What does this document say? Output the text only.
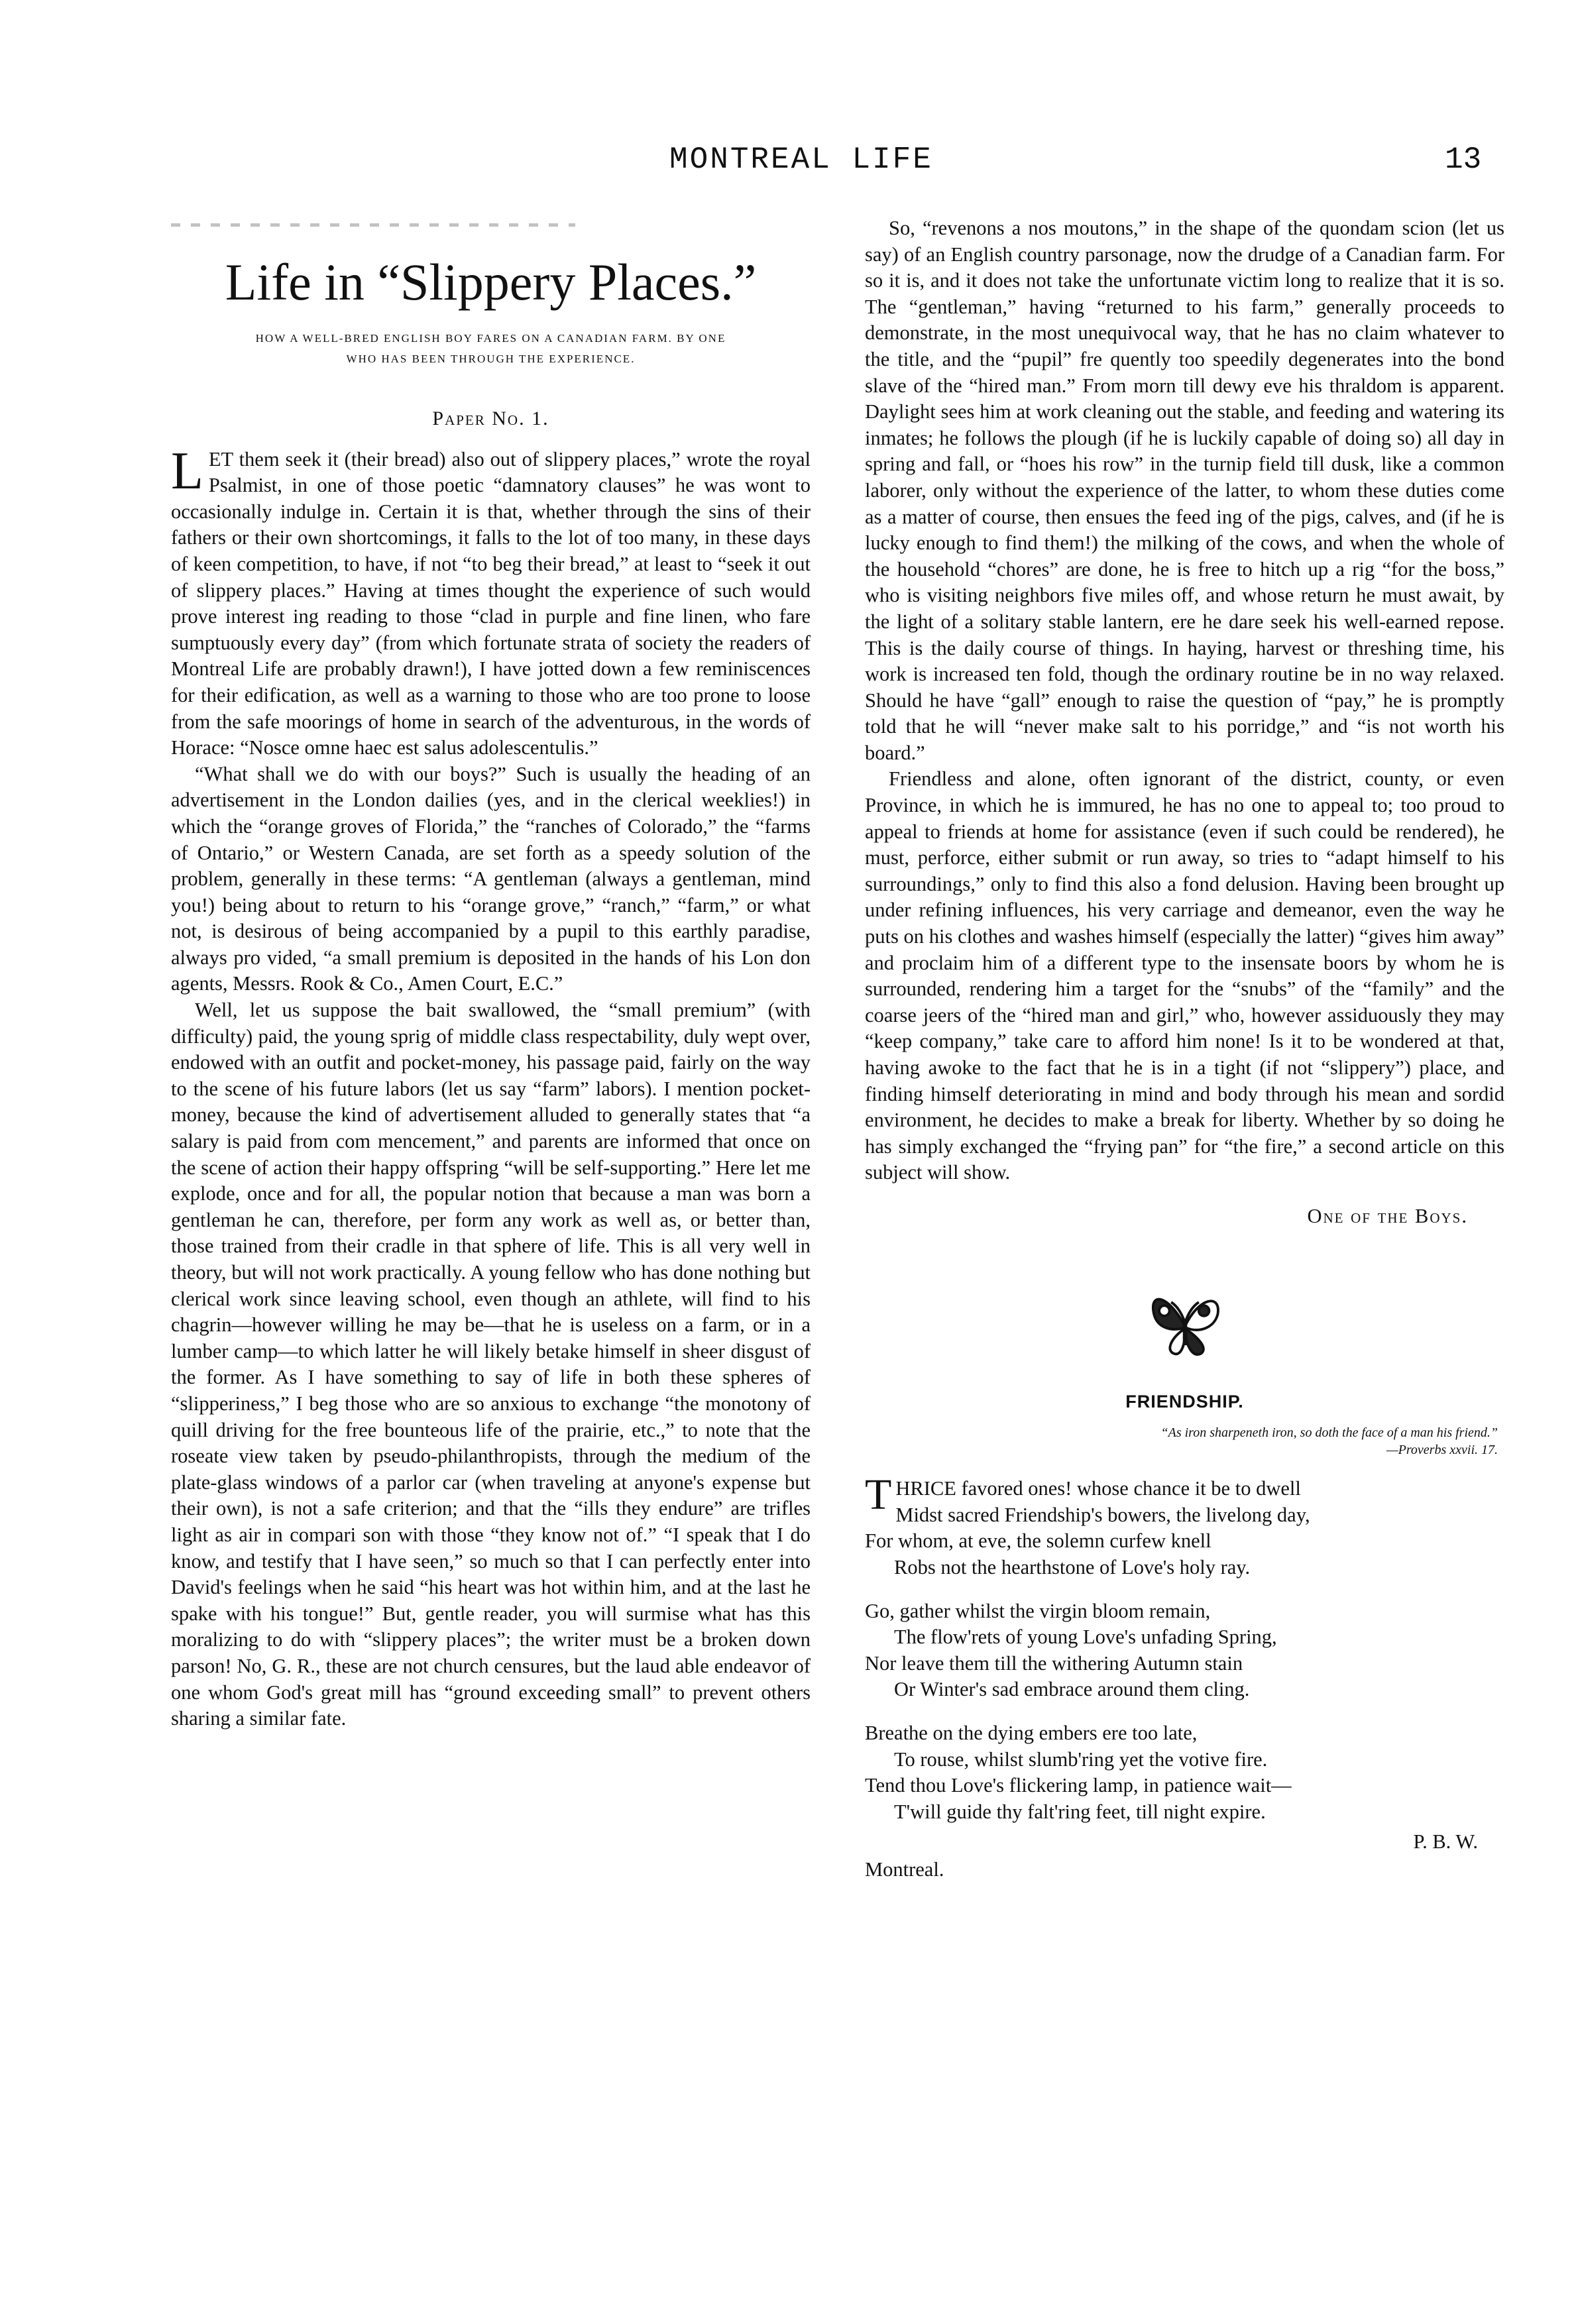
MONTREAL LIFE	13
Life in “Slippery Places.”
HOW A WELL-BRED ENGLISH BOY FARES ON A CANADIAN FARM. BY ONE WHO HAS BEEN THROUGH THE EXPERIENCE.
Paper No. 1.

LET them seek it (their bread) also out of slippery places,” wrote the royal Psalmist, in one of those poetic “damnatory clauses” he was wont to occasionally indulge in. Certain it is that, whether through the sins of their fathers or their own shortcomings, it falls to the lot of too many, in these days of keen competition, to have, if not “to beg their bread,” at least to “seek it out of slippery places.” Having at times thought the experience of such would prove interest ing reading to those “clad in purple and fine linen, who fare sumptuously every day” (from which fortunate strata of society the readers of Montreal Life are probably drawn!), I have jotted down a few reminiscences for their edification, as well as a warning to those who are too prone to loose from the safe moorings of home in search of the adventurous, in the words of Horace: “Nosce omne haec est salus adolescentulis.”

“What shall we do with our boys?” Such is usually the heading of an advertisement in the London dailies (yes, and in the clerical weeklies!) in which the “orange groves of Florida,” the “ranches of Colorado,” the “farms of Ontario,” or Western Canada, are set forth as a speedy solution of the problem, generally in these terms: “A gentleman (always a gentleman, mind you!) being about to return to his “orange grove,” “ranch,” “farm,” or what not, is desirous of being accompanied by a pupil to this earthly paradise, always pro vided, “a small premium is deposited in the hands of his Lon don agents, Messrs. Rook & Co., Amen Court, E.C.”

Well, let us suppose the bait swallowed, the “small premium” (with difficulty) paid, the young sprig of middle class respectability, duly wept over, endowed with an outfit and pocket-money, his passage paid, fairly on the way to the scene of his future labors (let us say “farm” labors). I mention pocket-money, because the kind of advertisement alluded to generally states that “a salary is paid from com mencement,” and parents are informed that once on the scene of action their happy offspring “will be self-supporting.” Here let me explode, once and for all, the popular notion that because a man was born a gentleman he can, therefore, per form any work as well as, or better than, those trained from their cradle in that sphere of life. This is all very well in theory, but will not work practically. A young fellow who has done nothing but clerical work since leaving school, even though an athlete, will find to his chagrin—however willing he may be—that he is useless on a farm, or in a lumber camp—to which latter he will likely betake himself in sheer disgust of the former. As I have something to say of life in both these spheres of “slipperiness,” I beg those who are so anxious to exchange “the monotony of quill driving for the free bounteous life of the prairie, etc.,” to note that the roseate view taken by pseudo-philanthropists, through the medium of the plate-glass windows of a parlor car (when traveling at anyone's expense but their own), is not a safe criterion; and that the “ills they endure” are trifles light as air in compari son with those “they know not of.” “I speak that I do know, and testify that I have seen,” so much so that I can perfectly enter into David's feelings when he said “his heart was hot within him, and at the last he spake with his tongue!” But, gentle reader, you will surmise what has this moralizing to do with “slippery places”; the writer must be a broken down parson! No, G. R., these are not church censures, but the laud able endeavor of one whom God's great mill has “ground exceeding small” to prevent others sharing a similar fate.

So, “revenons a nos moutons,” in the shape of the quondam scion (let us say) of an English country parsonage, now the drudge of a Canadian farm. For so it is, and it does not take the unfortunate victim long to realize that it is so. The “gentleman,” having “returned to his farm,” generally proceeds to demonstrate, in the most unequivocal way, that he has no claim whatever to the title, and the “pupil” fre quently too speedily degenerates into the bond slave of the “hired man.” From morn till dewy eve his thraldom is apparent. Daylight sees him at work cleaning out the stable, and feeding and watering its inmates; he follows the plough (if he is luckily capable of doing so) all day in spring and fall, or “hoes his row” in the turnip field till dusk, like a common laborer, only without the experience of the latter, to whom these duties come as a matter of course, then ensues the feed ing of the pigs, calves, and (if he is lucky enough to find them!) the milking of the cows, and when the whole of the household “chores” are done, he is free to hitch up a rig “for the boss,” who is visiting neighbors five miles off, and whose return he must await, by the light of a solitary stable lantern, ere he dare seek his well-earned repose. This is the daily course of things. In haying, harvest or threshing time, his work is increased ten fold, though the ordinary routine be in no way relaxed. Should he have “gall” enough to raise the question of “pay,” he is promptly told that he will “never make salt to his porridge,” and “is not worth his board.”

Friendless and alone, often ignorant of the district, county, or even Province, in which he is immured, he has no one to appeal to; too proud to appeal to friends at home for assistance (even if such could be rendered), he must, perforce, either submit or run away, so tries to “adapt himself to his surroundings,” only to find this also a fond delusion. Having been brought up under refining influences, his very carriage and demeanor, even the way he puts on his clothes and washes himself (especially the latter) “gives him away” and proclaim him of a different type to the insensate boors by whom he is surrounded, rendering him a target for the “snubs” of the “family” and the coarse jeers of the “hired man and girl,” who, however assiduously they may “keep company,” take care to afford him none! Is it to be wondered at that, having awoke to the fact that he is in a tight (if not “slippery”) place, and finding himself deteriorating in mind and body through his mean and sordid environment, he decides to make a break for liberty. Whether by so doing he has simply exchanged the “frying pan” for “the fire,” a second article on this subject will show.

One of the Boys.
FRIENDSHIP.
“As iron sharpeneth iron, so doth the face of a man his friend.”
—Proverbs xxvii. 17.
THRICE favored ones! whose chance it be to dwell
Midst sacred Friendship's bowers, the livelong day,
For whom, at eve, the solemn curfew knell
Robs not the hearthstone of Love's holy ray.
Go, gather whilst the virgin bloom remain,
The flow'rets of young Love's unfading Spring,
Nor leave them till the withering Autumn stain
Or Winter's sad embrace around them cling.
Breathe on the dying embers ere too late,
To rouse, whilst slumb'ring yet the votive fire.
Tend thou Love's flickering lamp, in patience wait—
T'will guide thy falt'ring feet, till night expire.
P. B. W.
Montreal.
